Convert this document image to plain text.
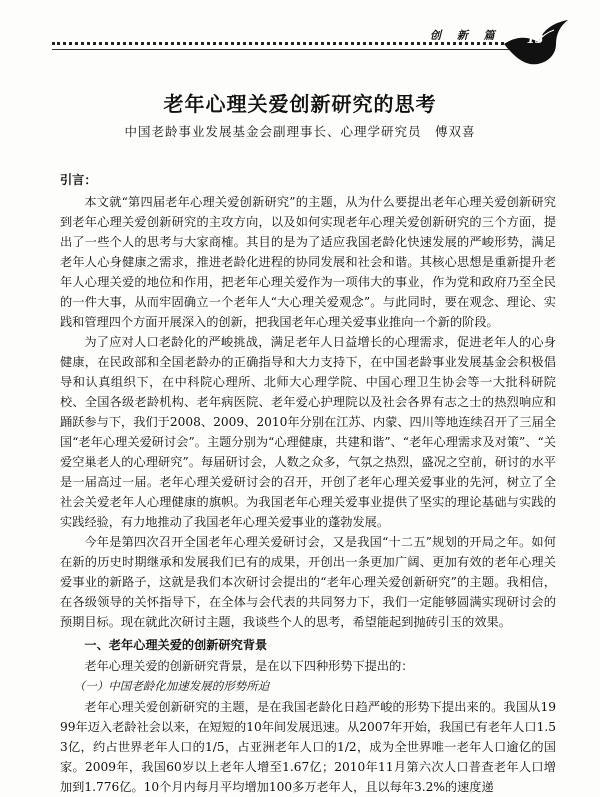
创 新 篇 13
老年心理关爱创新研究的思考
中国老龄事业发展基金会副理事长、心理学研究员　傅双喜
引言：

本文就“第四届老年心理关爱创新研究”的主题，从为什么要提出老年心理关爱创新研究到老年心理关爱创新研究的主攻方向，以及如何实现老年心理关爱创新研究的三个方面，提出了一些个人的思考与大家商榷。其目的是为了适应我国老龄化快速发展的严峻形势，满足老年人心身健康之需求，推进老龄化进程的协同发展和社会和谐。其核心思想是重新提升老年人心理关爱的地位和作用，把老年心理关爱作为一项伟大的事业，作为党和政府乃至全民的一件大事，从而牢固确立一个老年人“大心理关爱观念”。与此同时，要在观念、理论、实践和管理四个方面开展深入的创新，把我国老年心理关爱事业推向一个新的阶段。

为了应对人口老龄化的严峻挑战，满足老年人日益增长的心理需求，促进老年人的心身健康，在民政部和全国老龄办的正确指导和大力支持下，在中国老龄事业发展基金会积极倡导和认真组织下，在中科院心理所、北师大心理学院、中国心理卫生协会等一大批科研院校、全国各级老龄机构、老年病医院、老年爱心护理院以及社会各界有志之士的热烈响应和踊跃参与下，我们于2008、2009、2010年分别在江苏、内蒙、四川等地连续召开了三届全国“老年心理关爱研讨会”。主题分别为“心理健康，共建和谐”、“老年心理需求及对策”、“关爱空巢老人的心理研究”。每届研讨会，人数之众多，气氛之热烈，盛况之空前，研讨的水平是一届高过一届。老年心理关爱研讨会的召开，开创了老年心理关爱事业的先河，树立了全社会关爱老年人心理健康的旗帜。为我国老年心理关爱事业提供了坚实的理论基础与实践的实践经验，有力地推动了我国老年心理关爱事业的蓬勃发展。

今年是第四次召开全国老年心理关爱研讨会，又是我国“十二五”规划的开局之年。如何在新的历史时期继承和发展我们已有的成果，开创出一条更加广阔、更加有效的老年心理关爱事业的新路子，这就是我们本次研讨会提出的“老年心理关爱创新研究”的主题。我相信，在各级领导的关怀指导下，在全体与会代表的共同努力下，我们一定能够圆满实现研讨会的预期目标。现在就此次研讨主题，我谈些个人的思考，希望能起到抛砖引玉的效果。

一、老年心理关爱的创新研究背景

老年心理关爱的创新研究背景，是在以下四种形势下提出的：

（一）中国老龄化加速发展的形势所迫

老年心理关爱创新研究的主题，是在我国老龄化日趋严峻的形势下提出来的。我国从1999年迈入老龄社会以来，在短短的10年间发展迅速。从2007年开始，我国已有老年人口1.53亿，约占世界老年人口的1/5，占亚洲老年人口的1/2，成为全世界唯一老年人口逾亿的国家。2009年，我国60岁以上老年人增至1.67亿；2010年11月第六次人口普查老年人口增加到1.776亿。10个月内每月平均增加100多万老年人，且以每年3.2%的速度递
